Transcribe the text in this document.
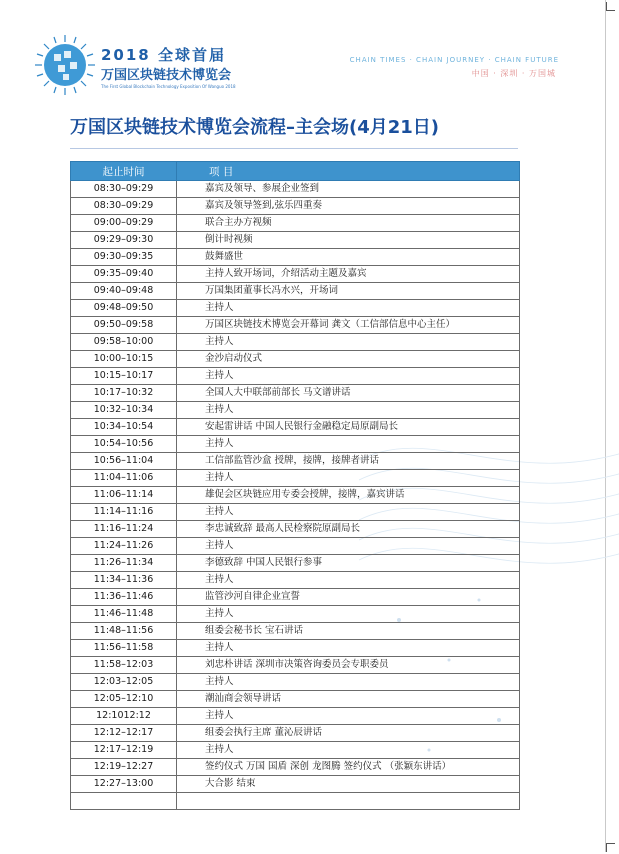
2018 全球首届
万国区块链技术博览会
The First Global Blockchain Technology Exposition Of Wanguo 2018
CHAIN TIMES · CHAIN JOURNEY · CHAIN FUTURE
中国 · 深圳 · 万国城
万国区块链技术博览会流程–主会场(4月21日)
起止时间	项 目
08:30–09:29	嘉宾及领导、参展企业签到
08:30–09:29	嘉宾及领导签到,弦乐四重奏
09:00–09:29	联合主办方视频
09:29–09:30	倒计时视频
09:30–09:35	鼓舞盛世
09:35–09:40	主持人致开场词，介绍活动主题及嘉宾
09:40–09:48	万国集团董事长冯水兴，开场词
09:48–09:50	主持人
09:50–09:58	万国区块链技术博览会开幕词 龚文（工信部信息中心主任）
09:58–10:00	主持人
10:00–10:15	金沙启动仪式
10:15–10:17	主持人
10:17–10:32	全国人大中联部前部长 马文谱讲话
10:32–10:34	主持人
10:34–10:54	安起雷讲话 中国人民银行金融稳定局原副局长
10:54–10:56	主持人
10:56–11:04	工信部监管沙盒 授牌，接牌，接牌者讲话
11:04–11:06	主持人
11:06–11:14	雄促会区块链应用专委会授牌，接牌，嘉宾讲话
11:14–11:16	主持人
11:16–11:24	李忠诚致辞 最高人民检察院原副局长
11:24–11:26	主持人
11:26–11:34	李德致辞 中国人民银行参事
11:34–11:36	主持人
11:36–11:46	监管沙河自律企业宣誓
11:46–11:48	主持人
11:48–11:56	组委会秘书长 宝石讲话
11:56–11:58	主持人
11:58–12:03	刘忠朴讲话 深圳市决策咨询委员会专职委员
12:03–12:05	主持人
12:05–12:10	潮汕商会领导讲话
12:1012:12	主持人
12:12–12:17	组委会执行主席 董沁辰讲话
12:17–12:19	主持人
12:19–12:27	签约仪式 万国 国盾 深创 龙图腾 签约仪式 （张颖东讲话）
12:27–13:00	大合影 结束
